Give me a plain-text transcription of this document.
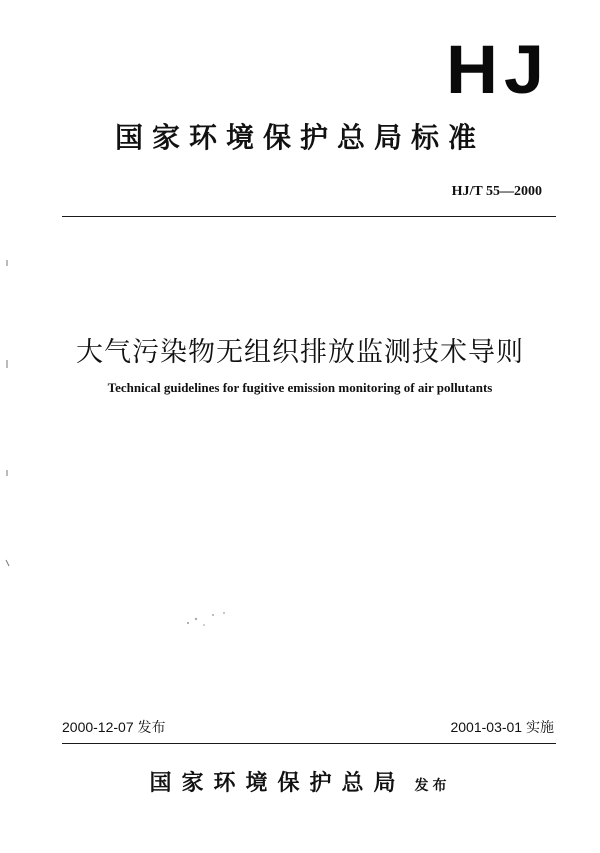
HJ
国家环境保护总局标准
HJ/T 55—2000
大气污染物无组织排放监测技术导则
Technical guidelines for fugitive emission monitoring of air pollutants
2000-12-07 发布	2001-03-01 实施
国家环境保护总局 发布
